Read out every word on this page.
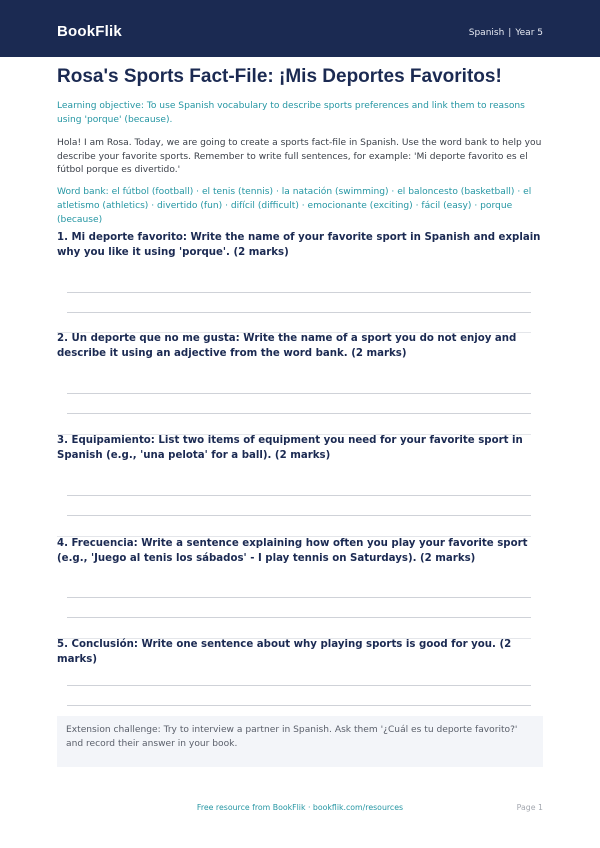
BookFlik	Spanish | Year 5
Rosa's Sports Fact-File: ¡Mis Deportes Favoritos!
Learning objective: To use Spanish vocabulary to describe sports preferences and link them to reasons using 'porque' (because).
Hola! I am Rosa. Today, we are going to create a sports fact-file in Spanish. Use the word bank to help you describe your favorite sports. Remember to write full sentences, for example: 'Mi deporte favorito es el fútbol porque es divertido.'
Word bank: el fútbol (football) · el tenis (tennis) · la natación (swimming) · el baloncesto (basketball) · el atletismo (athletics) · divertido (fun) · difícil (difficult) · emocionante (exciting) · fácil (easy) · porque (because)
1. Mi deporte favorito: Write the name of your favorite sport in Spanish and explain why you like it using 'porque'. (2 marks)
2. Un deporte que no me gusta: Write the name of a sport you do not enjoy and describe it using an adjective from the word bank. (2 marks)
3. Equipamiento: List two items of equipment you need for your favorite sport in Spanish (e.g., 'una pelota' for a ball). (2 marks)
4. Frecuencia: Write a sentence explaining how often you play your favorite sport (e.g., 'Juego al tenis los sábados' - I play tennis on Saturdays). (2 marks)
5. Conclusión: Write one sentence about why playing sports is good for you. (2 marks)
Extension challenge: Try to interview a partner in Spanish. Ask them '¿Cuál es tu deporte favorito?' and record their answer in your book.
Free resource from BookFlik · bookflik.com/resources	Page 1
